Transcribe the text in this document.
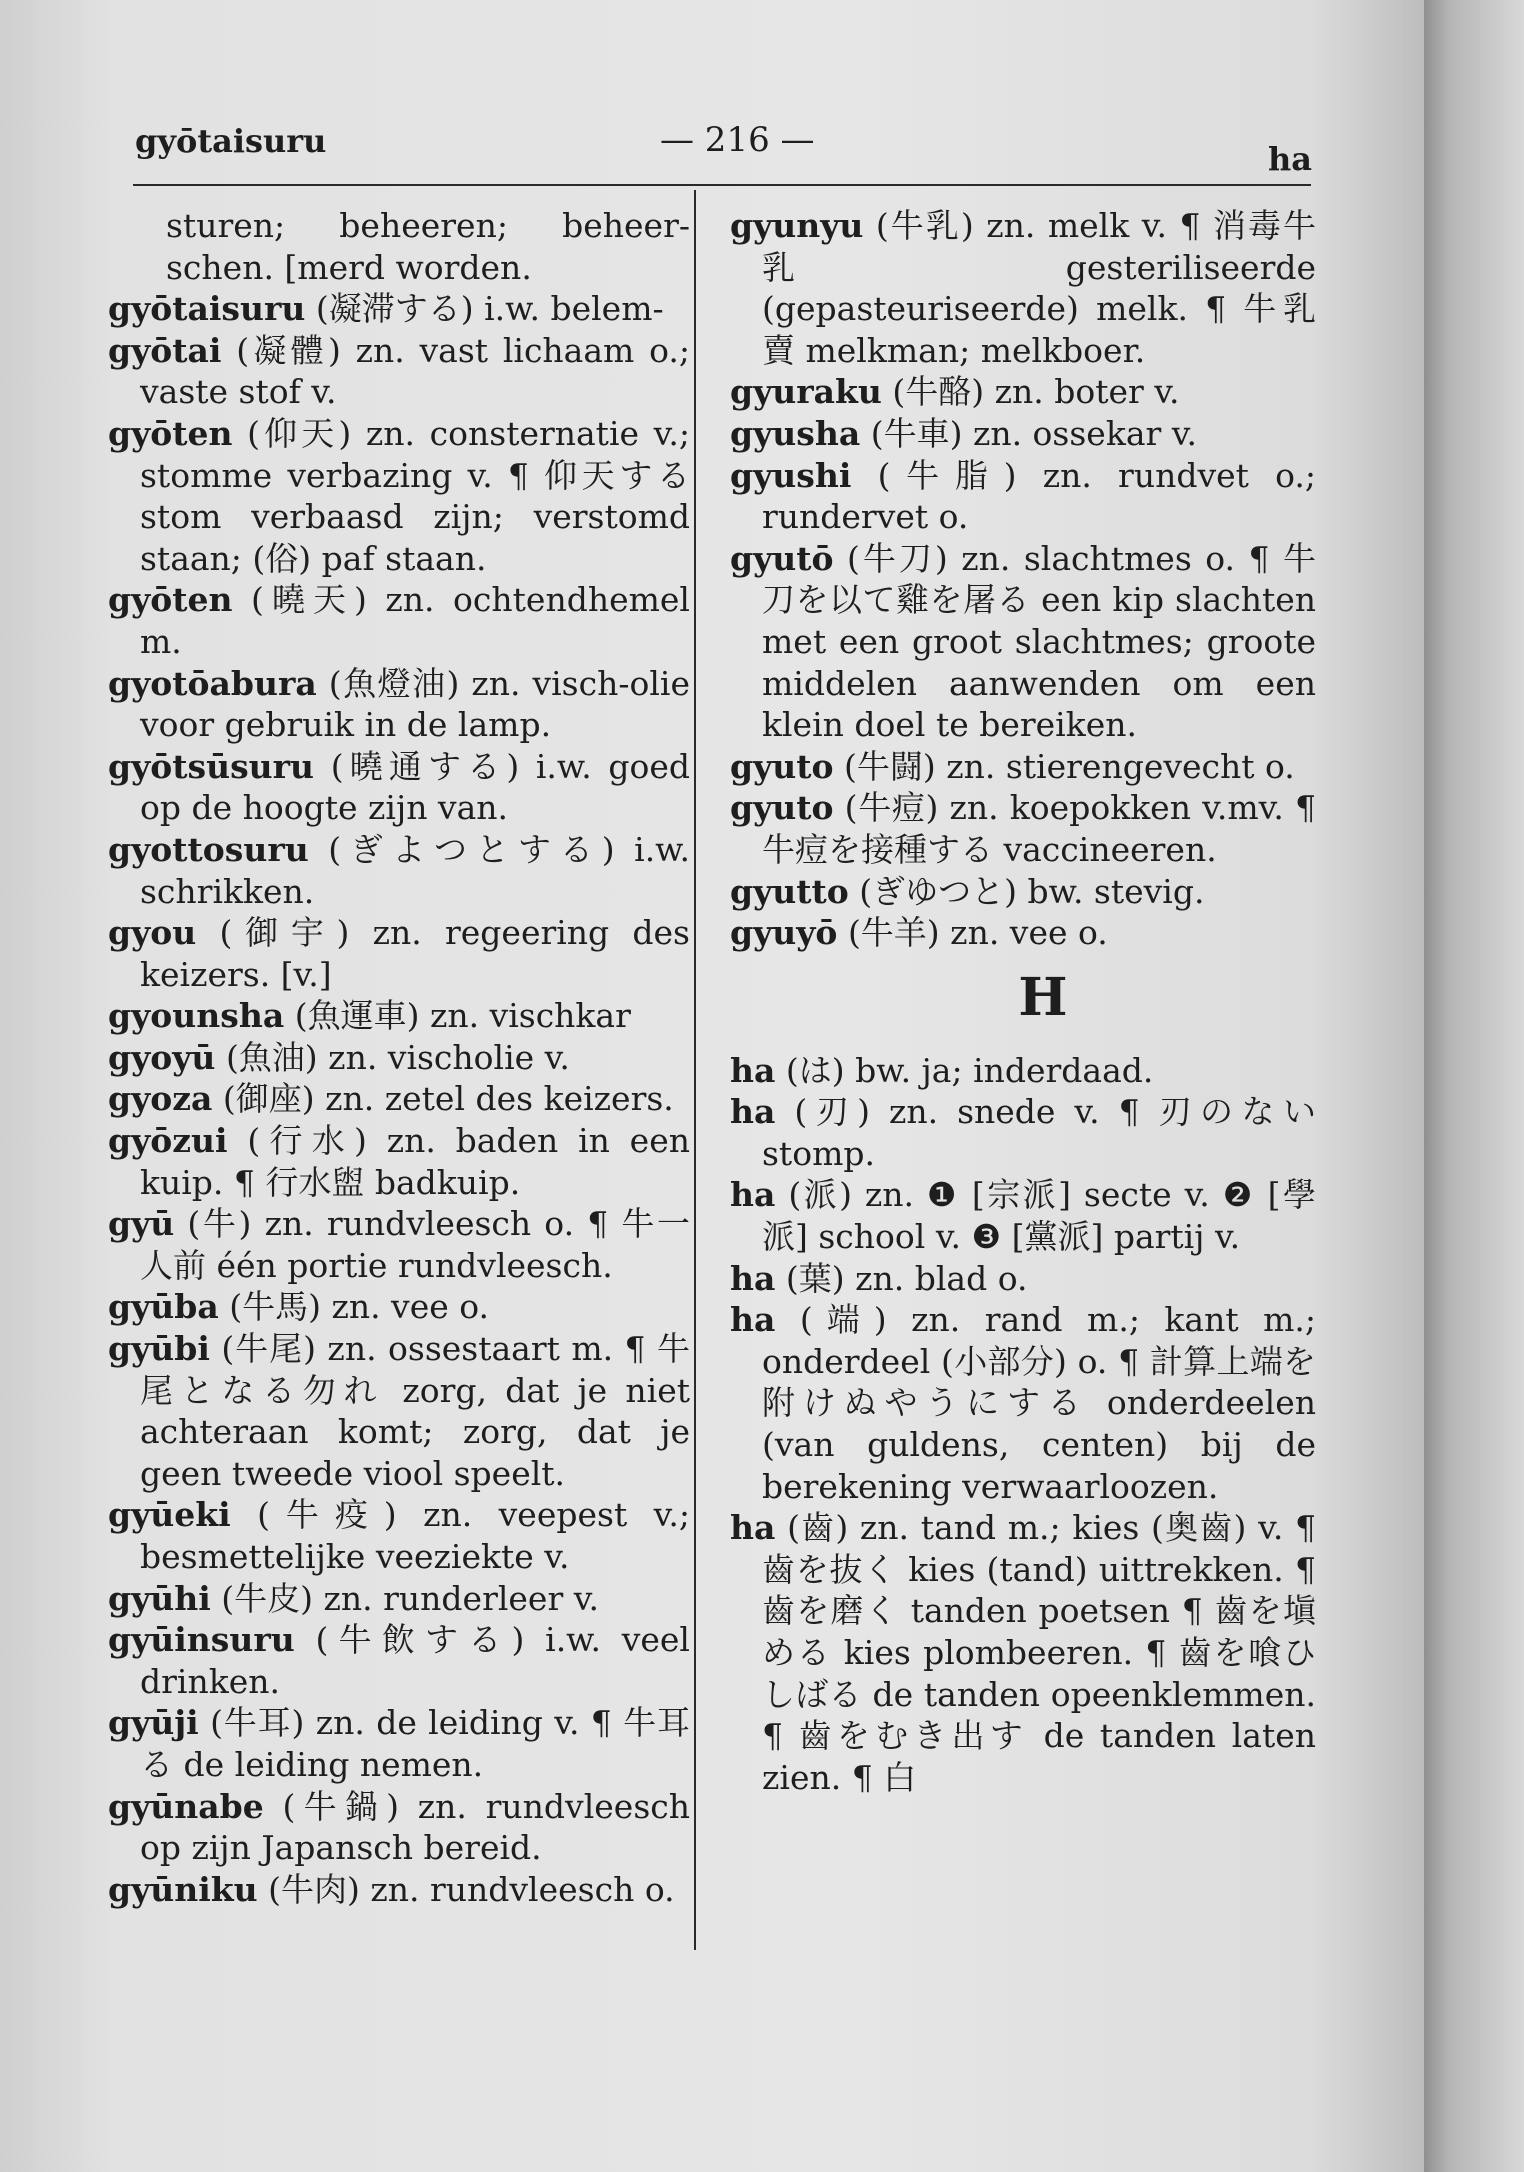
gyōtaisuru	— 216 —	ha

sturen; beheeren; beheer-schen. [merd worden.

gyōtaisuru (凝滞する) i.w. belem-

gyōtai (凝體) zn. vast lichaam o.; vaste stof v.

gyōten (仰天) zn. consternatie v.; stomme verbazing v. ¶ 仰天する stom verbaasd zijn; verstomd staan; (俗) paf staan.

gyōten (曉天) zn. ochtendhemel m.

gyotōabura (魚燈油) zn. visch-olie voor gebruik in de lamp.

gyōtsūsuru (曉通する) i.w. goed op de hoogte zijn van.

gyottosuru (ぎよつとする) i.w. schrikken.

gyou (御宇) zn. regeering des keizers. [v.]

gyounsha (魚運車) zn. vischkar

gyoyū (魚油) zn. vischolie v.

gyoza (御座) zn. zetel des keizers.

gyōzui (行水) zn. baden in een kuip. ¶ 行水盥 badkuip.

gyū (牛) zn. rundvleesch o. ¶ 牛一人前 één portie rundvleesch.

gyūba (牛馬) zn. vee o.

gyūbi (牛尾) zn. ossestaart m. ¶ 牛尾となる勿れ zorg, dat je niet achteraan komt; zorg, dat je geen tweede viool speelt.

gyūeki (牛疫) zn. veepest v.; besmettelijke veeziekte v.

gyūhi (牛皮) zn. runderleer v.

gyūinsuru (牛飲する) i.w. veel drinken.

gyūji (牛耳) zn. de leiding v. ¶ 牛耳る de leiding nemen.

gyūnabe (牛鍋) zn. rundvleesch op zijn Japansch bereid.

gyūniku (牛肉) zn. rundvleesch o.

gyunyu (牛乳) zn. melk v. ¶ 消毒牛乳 gesteriliseerde (gepasteuriseerde) melk. ¶ 牛乳賣 melkman; melkboer.

gyuraku (牛酪) zn. boter v.

gyusha (牛車) zn. ossekar v.

gyushi (牛脂) zn. rundvet o.; rundervet o.

gyutō (牛刀) zn. slachtmes o. ¶ 牛刀を以て雞を屠る een kip slachten met een groot slachtmes; groote middelen aanwenden om een klein doel te bereiken.

gyuto (牛闘) zn. stierengevecht o.

gyuto (牛痘) zn. koepokken v.mv. ¶ 牛痘を接種する vaccineeren.

gyutto (ぎゆつと) bw. stevig.

gyuyō (牛羊) zn. vee o.

H

ha (は) bw. ja; inderdaad.

ha (刃) zn. snede v. ¶ 刃のない stomp.

ha (派) zn. ❶ [宗派] secte v. ❷ [學派] school v. ❸ [黨派] partij v.

ha (葉) zn. blad o.

ha (端) zn. rand m.; kant m.; onderdeel (小部分) o. ¶ 計算上端を附けぬやうにする onderdeelen (van guldens, centen) bij de berekening verwaarloozen.

ha (齒) zn. tand m.; kies (奥齒) v. ¶ 齒を抜く kies (tand) uittrekken. ¶ 齒を磨く tanden poetsen ¶ 齒を塡める kies plombeeren. ¶ 齒を喰ひしばる de tanden opeenklemmen. ¶ 齒をむき出す de tanden laten zien. ¶ 白
